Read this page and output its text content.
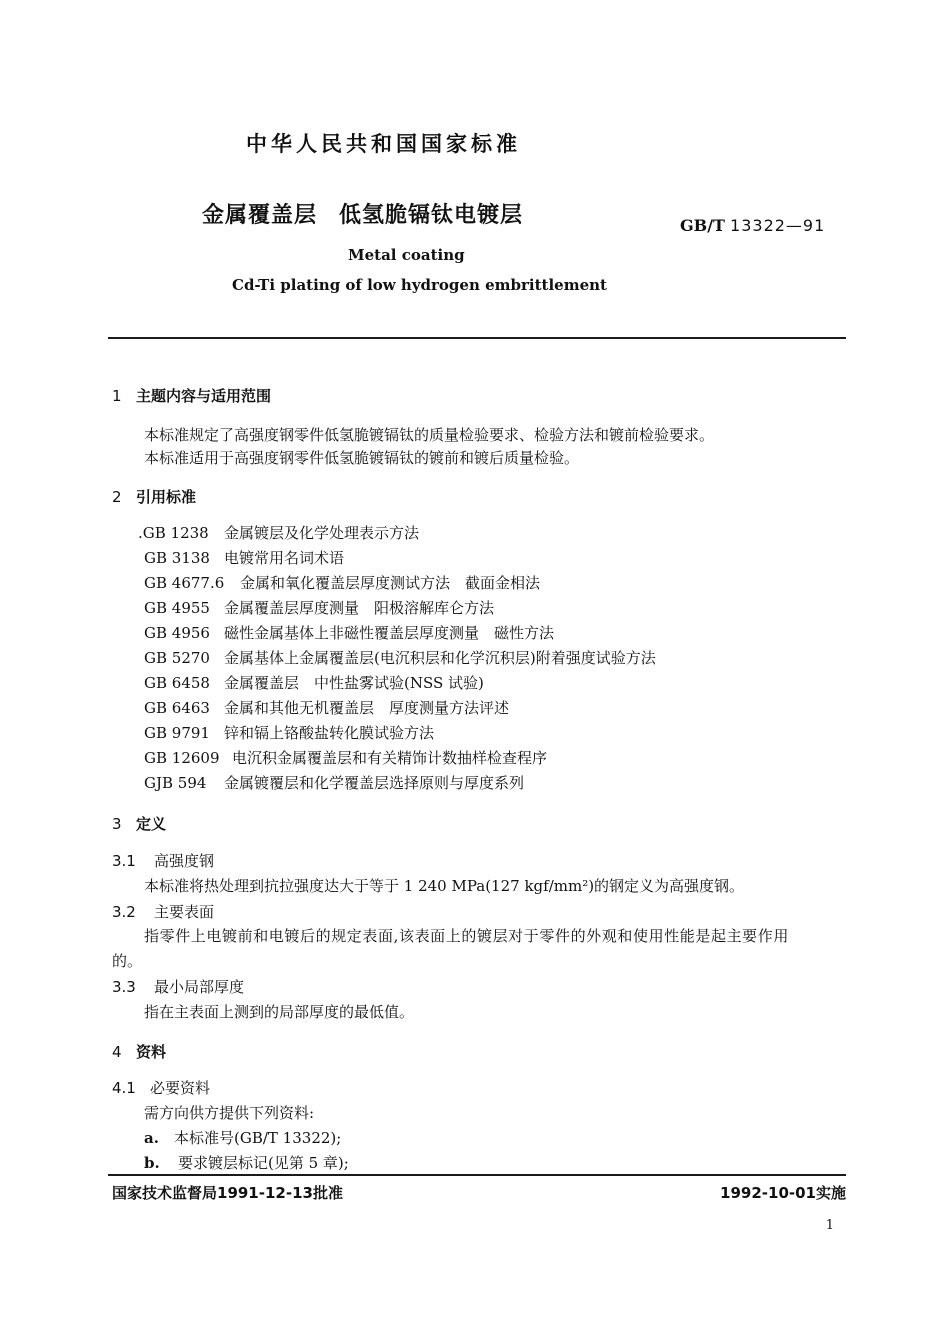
中华人民共和国国家标准
金属覆盖层 低氢脆镉钛电镀层	GB/T 13322—91
Metal coating
Cd-Ti plating of low hydrogen embrittlement
1 主题内容与适用范围
本标准规定了高强度钢零件低氢脆镀镉钛的质量检验要求、检验方法和镀前检验要求。
本标准适用于高强度钢零件低氢脆镀镉钛的镀前和镀后质量检验。
2 引用标准
.GB 1238 金属镀层及化学处理表示方法
GB 3138 电镀常用名词术语
GB 4677.6 金属和氧化覆盖层厚度测试方法　截面金相法
GB 4955 金属覆盖层厚度测量　阳极溶解库仑方法
GB 4956 磁性金属基体上非磁性覆盖层厚度测量　磁性方法
GB 5270 金属基体上金属覆盖层(电沉积层和化学沉积层)附着强度试验方法
GB 6458 金属覆盖层　中性盐雾试验(NSS 试验)
GB 6463 金属和其他无机覆盖层　厚度测量方法评述
GB 9791 锌和镉上铬酸盐转化膜试验方法
GB 12609 电沉积金属覆盖层和有关精饰计数抽样检查程序
GJB 594 金属镀覆层和化学覆盖层选择原则与厚度系列
3 定义
3.1 高强度钢
本标准将热处理到抗拉强度达大于等于 1 240 MPa(127 kgf/mm²)的钢定义为高强度钢。
3.2 主要表面
指零件上电镀前和电镀后的规定表面,该表面上的镀层对于零件的外观和使用性能是起主要作用
的。
3.3 最小局部厚度
指在主表面上测到的局部厚度的最低值。
4 资料
4.1 必要资料
需方向供方提供下列资料:
a. 本标准号(GB/T 13322);
b. 要求镀层标记(见第 5 章);
国家技术监督局1991-12-13批准	1992-10-01实施
1
